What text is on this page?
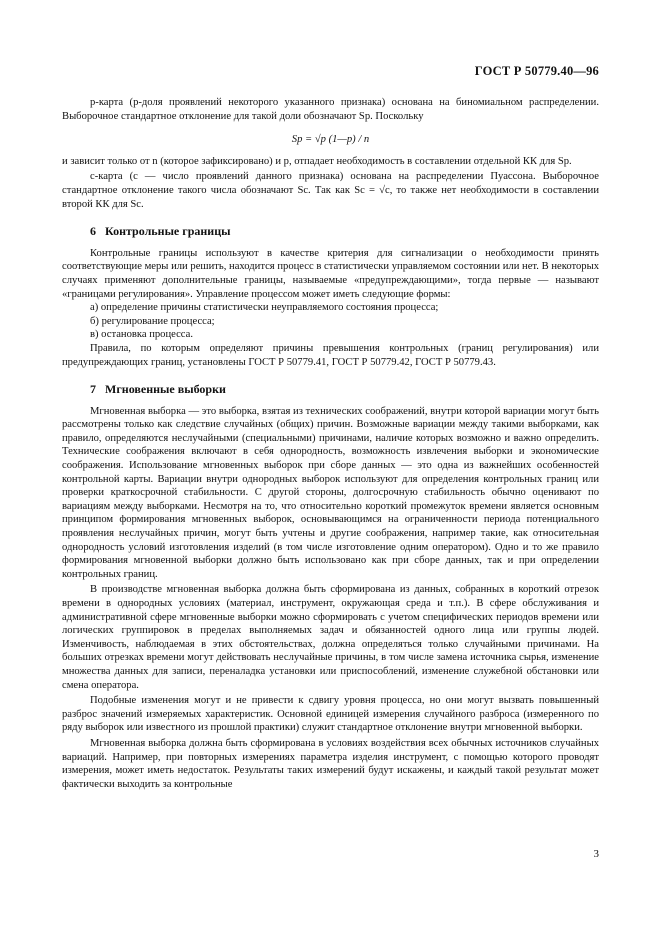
ГОСТ Р 50779.40—96

p-карта (p-доля проявлений некоторого указанного признака) основана на биномиальном распределении. Выборочное стандартное отклонение для такой доли обозначают Sp. Поскольку

Sp = √p (1—p) / n

и зависит только от n (которое зафиксировано) и p, отпадает необходимость в составлении отдельной КК для Sp.

c-карта (c — число проявлений данного признака) основана на распределении Пуассона. Выборочное стандартное отклонение такого числа обозначают Sc. Так как Sc = √c, то также нет необходимости в составлении второй КК для Sc.

6 Контрольные границы

Контрольные границы используют в качестве критерия для сигнализации о необходимости принять соответствующие меры или решить, находится процесс в статистически управляемом состоянии или нет. В некоторых случаях применяют дополнительные границы, называемые «предупреждающими», тогда первые — называют «границами регулирования». Управление процессом может иметь следующие формы:

а) определение причины статистически неуправляемого состояния процесса;
б) регулирование процесса;
в) остановка процесса.

Правила, по которым определяют причины превышения контрольных (границ регулирования) или предупреждающих границ, установлены ГОСТ Р 50779.41, ГОСТ Р 50779.42, ГОСТ Р 50779.43.

7 Мгновенные выборки

Мгновенная выборка — это выборка, взятая из технических соображений, внутри которой вариации могут быть рассмотрены только как следствие случайных (общих) причин. Возможные вариации между такими выборками, как правило, определяются неслучайными (специальными) причинами, наличие которых возможно и важно определить. Технические соображения включают в себя однородность, возможность извлечения выборки и экономические соображения. Использование мгновенных выборок при сборе данных — это одна из важнейших особенностей контрольной карты. Вариации внутри однородных выборок используют для определения контрольных границ или проверки краткосрочной стабильности. С другой стороны, долгосрочную стабильность обычно оценивают по вариациям между выборками. Несмотря на то, что относительно короткий промежуток времени является основным принципом формирования мгновенных выборок, основывающимся на ограниченности периода потенциального проявления неслучайных причин, могут быть учтены и другие соображения, например такие, как относительная однородность условий изготовления изделий (в том числе изготовление одним оператором). Одно и то же правило формирования мгновенной выборки должно быть использовано как при сборе данных, так и при определении контрольных границ.

В производстве мгновенная выборка должна быть сформирована из данных, собранных в короткий отрезок времени в однородных условиях (материал, инструмент, окружающая среда и т.п.). В сфере обслуживания и административной сфере мгновенные выборки можно сформировать с учетом специфических периодов времени или логических группировок в пределах выполняемых задач и обязанностей одного лица или группы людей. Изменчивость, наблюдаемая в этих обстоятельствах, должна определяться только случайными причинами. На больших отрезках времени могут действовать неслучайные причины, в том числе замена источника сырья, изменение множества данных для записи, переналадка установки или приспособлений, изменение служебной обстановки или смена оператора.

Подобные изменения могут и не привести к сдвигу уровня процесса, но они могут вызвать повышенный разброс значений измеряемых характеристик. Основной единицей измерения случайного разброса (измеренного по ряду выборок или известного из прошлой практики) служит стандартное отклонение внутри мгновенной выборки.

Мгновенная выборка должна быть сформирована в условиях воздействия всех обычных источников случайных вариаций. Например, при повторных измерениях параметра изделия инструмент, с помощью которого проводят измерения, может иметь недостаток. Результаты таких измерений будут искажены, и каждый такой результат может фактически выходить за контрольные

3
